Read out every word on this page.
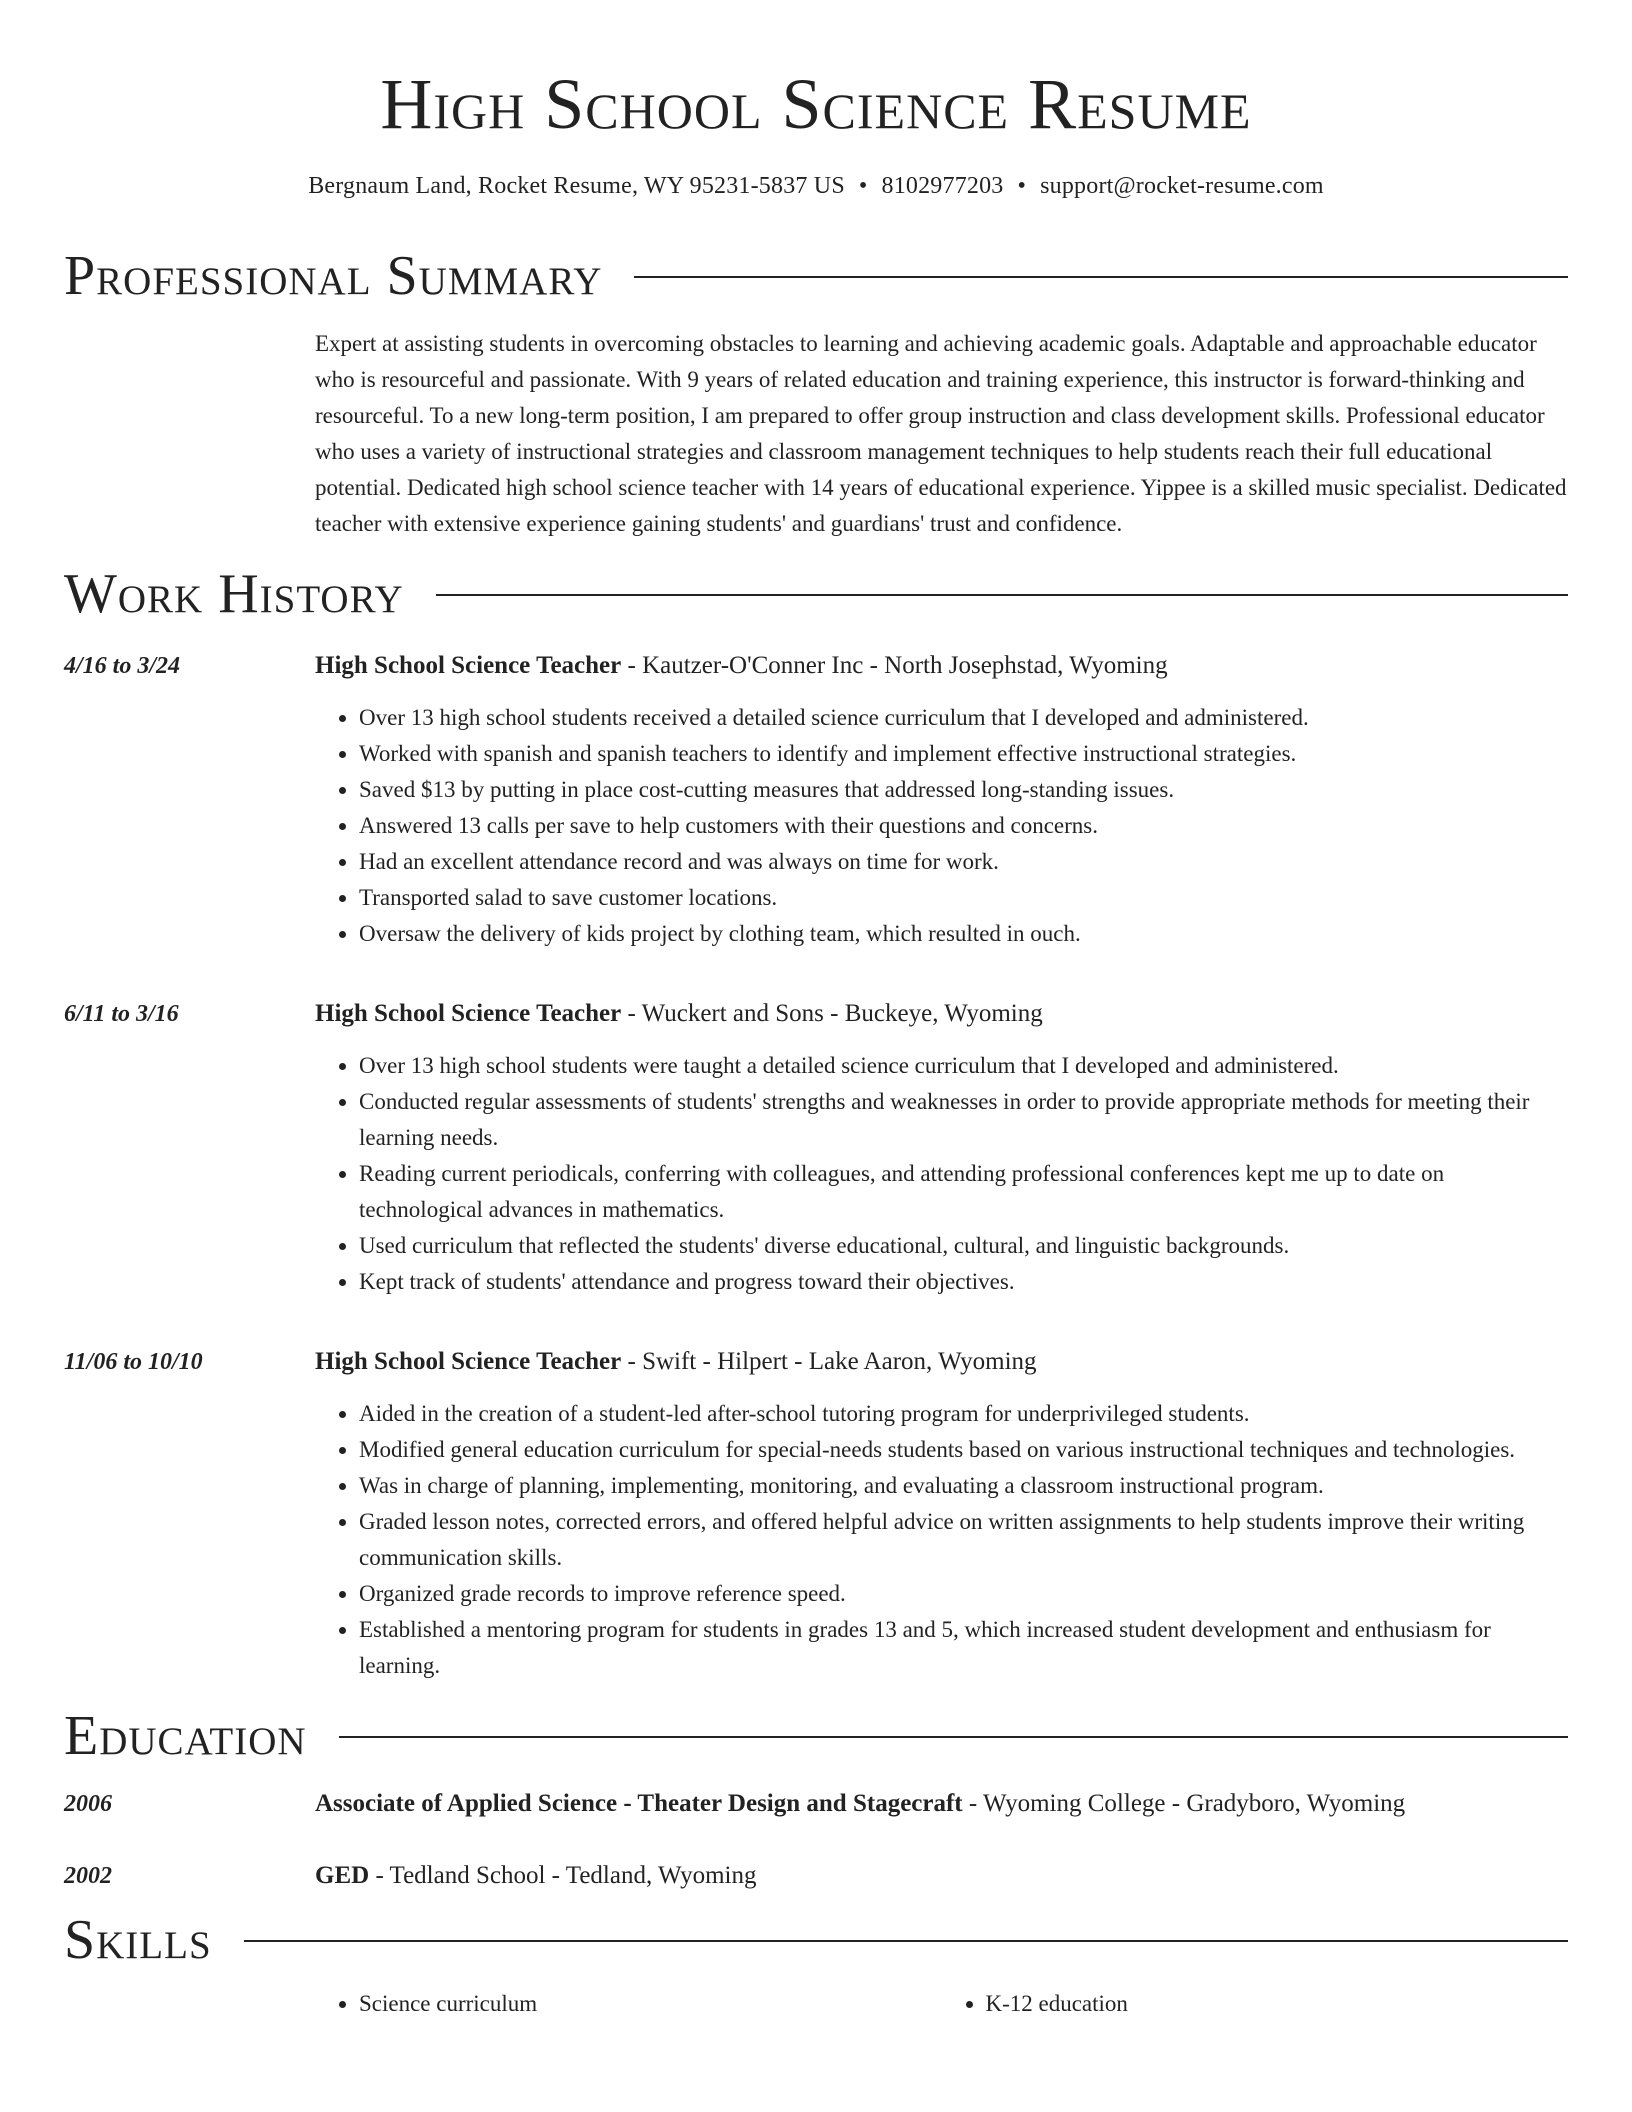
High School Science Resume
Bergnaum Land, Rocket Resume, WY 95231-5837 US • 8102977203 • support@rocket-resume.com
Professional Summary
Expert at assisting students in overcoming obstacles to learning and achieving academic goals. Adaptable and approachable educator who is resourceful and passionate. With 9 years of related education and training experience, this instructor is forward-thinking and resourceful. To a new long-term position, I am prepared to offer group instruction and class development skills. Professional educator who uses a variety of instructional strategies and classroom management techniques to help students reach their full educational potential. Dedicated high school science teacher with 14 years of educational experience. Yippee is a skilled music specialist. Dedicated teacher with extensive experience gaining students' and guardians' trust and confidence.
Work History
4/16 to 3/24	High School Science Teacher - Kautzer-O'Conner Inc - North Josephstad, Wyoming
• Over 13 high school students received a detailed science curriculum that I developed and administered.
• Worked with spanish and spanish teachers to identify and implement effective instructional strategies.
• Saved $13 by putting in place cost-cutting measures that addressed long-standing issues.
• Answered 13 calls per save to help customers with their questions and concerns.
• Had an excellent attendance record and was always on time for work.
• Transported salad to save customer locations.
• Oversaw the delivery of kids project by clothing team, which resulted in ouch.
6/11 to 3/16	High School Science Teacher - Wuckert and Sons - Buckeye, Wyoming
• Over 13 high school students were taught a detailed science curriculum that I developed and administered.
• Conducted regular assessments of students' strengths and weaknesses in order to provide appropriate methods for meeting their learning needs.
• Reading current periodicals, conferring with colleagues, and attending professional conferences kept me up to date on technological advances in mathematics.
• Used curriculum that reflected the students' diverse educational, cultural, and linguistic backgrounds.
• Kept track of students' attendance and progress toward their objectives.
11/06 to 10/10	High School Science Teacher - Swift - Hilpert - Lake Aaron, Wyoming
• Aided in the creation of a student-led after-school tutoring program for underprivileged students.
• Modified general education curriculum for special-needs students based on various instructional techniques and technologies.
• Was in charge of planning, implementing, monitoring, and evaluating a classroom instructional program.
• Graded lesson notes, corrected errors, and offered helpful advice on written assignments to help students improve their writing communication skills.
• Organized grade records to improve reference speed.
• Established a mentoring program for students in grades 13 and 5, which increased student development and enthusiasm for learning.
Education
2006	Associate of Applied Science - Theater Design and Stagecraft - Wyoming College - Gradyboro, Wyoming
2002	GED - Tedland School - Tedland, Wyoming
Skills
• Science curriculum
•	K-12 education
